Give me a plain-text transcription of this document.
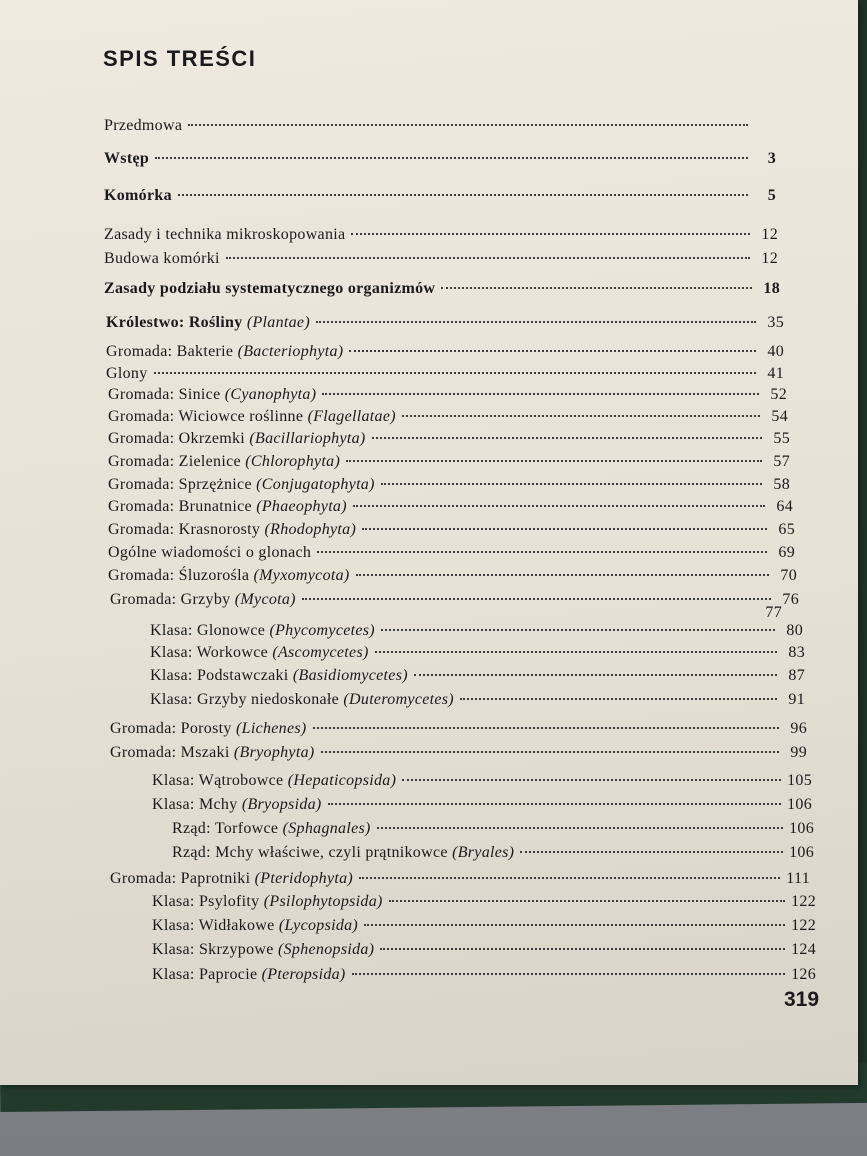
SPIS TREŚCI
Przedmowa
Wstęp	3
Komórka	5
Zasady i technika mikroskopowania	12
Budowa komórki	12
Zasady podziału systematycznego organizmów	18
Królestwo: Rośliny
(Plantae)	35
Gromada: Bakterie
(Bacteriophyta)	40
Glony	41
Gromada: Sinice
(Cyanophyta)	52
Gromada: Wiciowce roślinne
(Flagellatae)	54
Gromada: Okrzemki
(Bacillariophyta)	55
Gromada: Zielenice
(Chlorophyta)	57
Gromada: Sprzężnice
(Conjugatophyta)	58
Gromada: Brunatnice
(Phaeophyta)	64
Gromada: Krasnorosty
(Rhodophyta)	65
Ogólne wiadomości o glonach	69
Gromada: Śluzorośla
(Myxomycota)	70
Gromada: Grzyby
(Mycota)	76
77
Klasa: Glonowce
(Phycomycetes)	80
Klasa: Workowce
(Ascomycetes)	83
Klasa: Podstawczaki
(Basidiomycetes)	87
Klasa: Grzyby niedoskonałe
(Duteromycetes)	91
Gromada: Porosty
(Lichenes)	96
Gromada: Mszaki
(Bryophyta)	99
Klasa: Wątrobowce
(Hepaticopsida)	105
Klasa: Mchy
(Bryopsida)	106
Rząd: Torfowce
(Sphagnales)	106
Rząd: Mchy właściwe, czyli prątnikowce
(Bryales)	106
Gromada: Paprotniki
(Pteridophyta)	111
Klasa: Psylofity
(Psilophytopsida)	122
Klasa: Widłakowe
(Lycopsida)	122
Klasa: Skrzypowe
(Sphenopsida)	124
Klasa: Paprocie
(Pteropsida)	126
319
